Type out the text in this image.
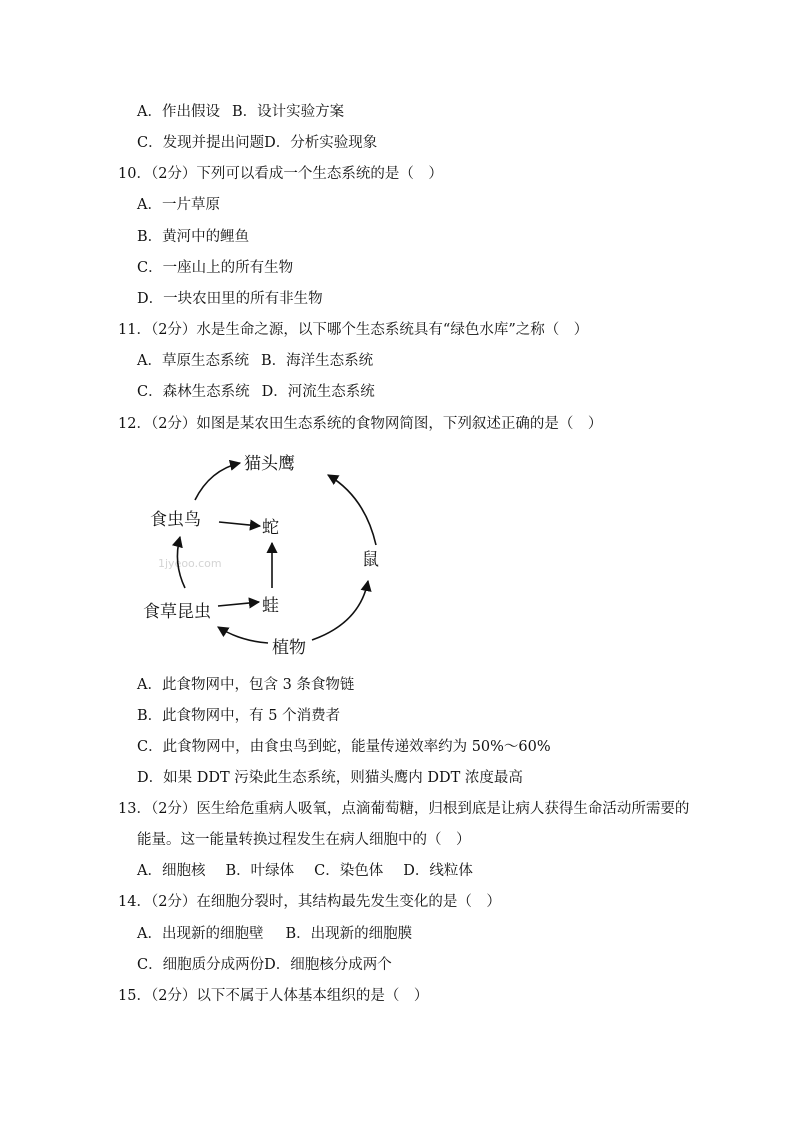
A．作出假设 B．设计实验方案
C．发现并提出问题D．分析实验现象
10．（2分）下列可以看成一个生态系统的是（　）
A．一片草原
B．黄河中的鲤鱼
C．一座山上的所有生物
D．一块农田里的所有非生物
11．（2分）水是生命之源，以下哪个生态系统具有“绿色水库”之称（　）
A．草原生态系统 B．海洋生态系统
C．森林生态系统 D．河流生态系统
12．（2分）如图是某农田生态系统的食物网简图，下列叙述正确的是（　）
1jyeoo.com
猫头鹰
食虫鸟	蛇
鼠
食草昆虫	蛙
植物
A．此食物网中，包含 3 条食物链
B．此食物网中，有 5 个消费者
C．此食物网中，由食虫鸟到蛇，能量传递效率约为 50%～60%
D．如果 DDT 污染此生态系统，则猫头鹰内 DDT 浓度最高
13．（2分）医生给危重病人吸氧，点滴葡萄糖，归根到底是让病人获得生命活动所需要的
能量。这一能量转换过程发生在病人细胞中的（　）
A．细胞核 B．叶绿体 C．染色体 D．线粒体
14．（2分）在细胞分裂时，其结构最先发生变化的是（　）
A．出现新的细胞壁 B．出现新的细胞膜
C．细胞质分成两份D．细胞核分成两个
15．（2分）以下不属于人体基本组织的是（　）
